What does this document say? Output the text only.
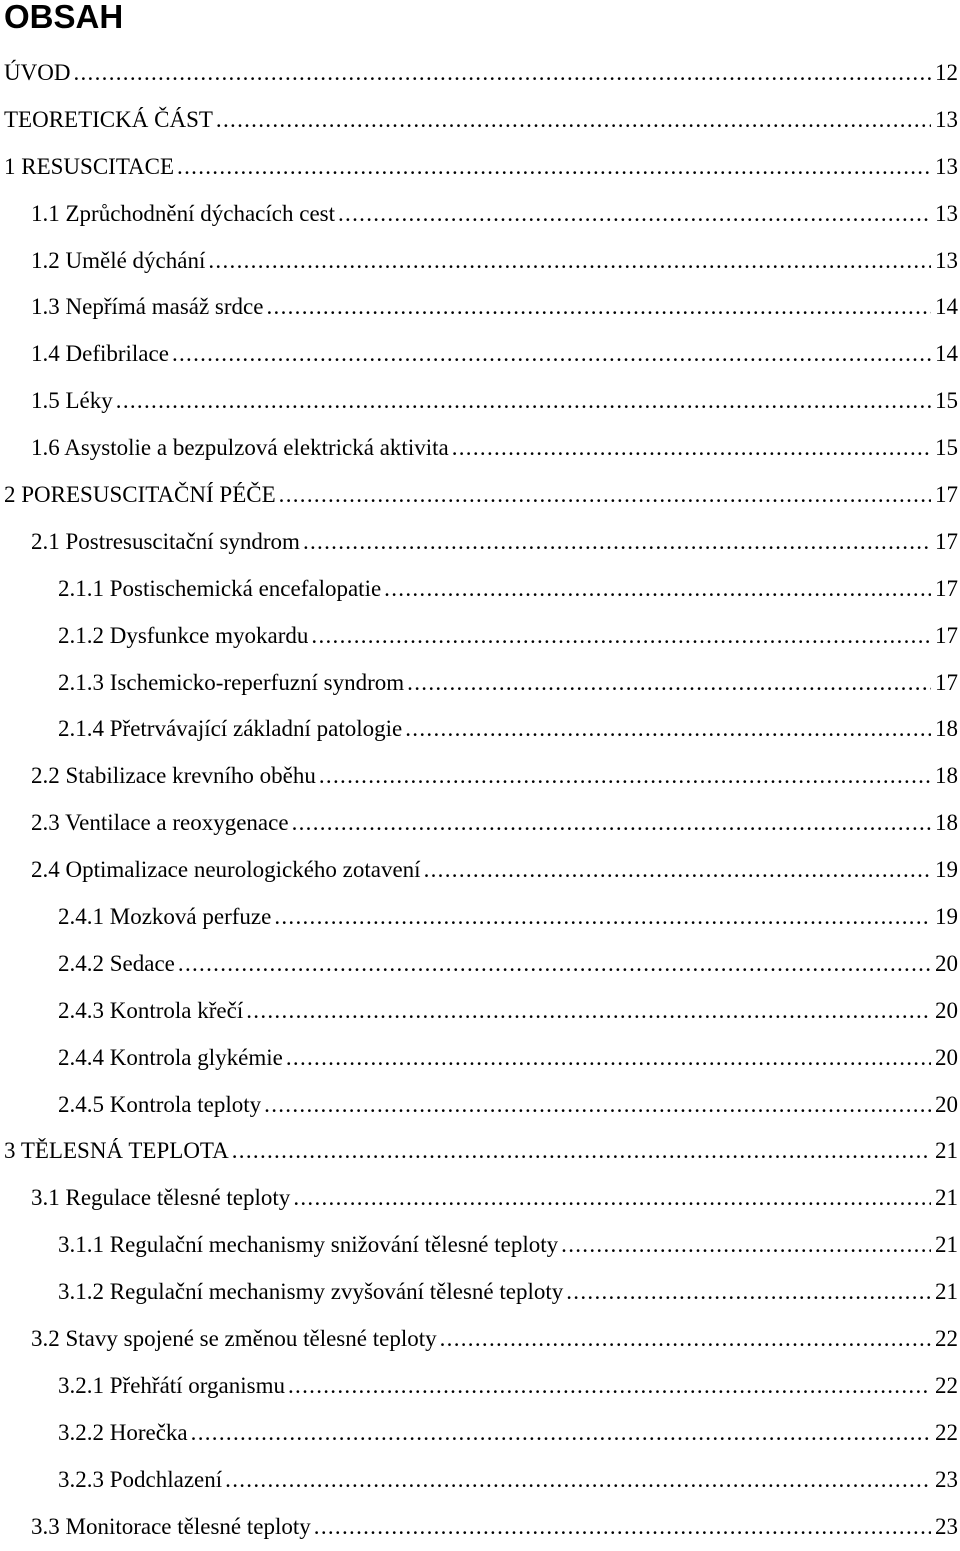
OBSAH
ÚVOD .....	12
TEORETICKÁ ČÁST .....	13
1 RESUSCITACE .....	13
1.1 Zprůchodnění dýchacích cest .....	13
1.2 Umělé dýchání .....	13
1.3 Nepřímá masáž srdce .....	14
1.4 Defibrilace .....	14
1.5 Léky .....	15
1.6 Asystolie a bezpulzová elektrická aktivita .....	15
2 PORESUSCITAČNÍ PÉČE .....	17
2.1 Postresuscitační syndrom .....	17
2.1.1 Postischemická encefalopatie .....	17
2.1.2 Dysfunkce myokardu .....	17
2.1.3 Ischemicko-reperfuzní syndrom .....	17
2.1.4 Přetrvávající základní patologie .....	18
2.2 Stabilizace krevního oběhu .....	18
2.3 Ventilace a reoxygenace .....	18
2.4 Optimalizace neurologického zotavení .....	19
2.4.1 Mozková perfuze .....	19
2.4.2 Sedace .....	20
2.4.3 Kontrola křečí .....	20
2.4.4 Kontrola glykémie .....	20
2.4.5 Kontrola teploty .....	20
3 TĚLESNÁ TEPLOTA .....	21
3.1 Regulace tělesné teploty .....	21
3.1.1 Regulační mechanismy snižování tělesné teploty .....	21
3.1.2 Regulační mechanismy zvyšování tělesné teploty .....	21
3.2 Stavy spojené se změnou tělesné teploty .....	22
3.2.1 Přehřátí organismu .....	22
3.2.2 Horečka .....	22
3.2.3 Podchlazení .....	23
3.3 Monitorace tělesné teploty .....	23
